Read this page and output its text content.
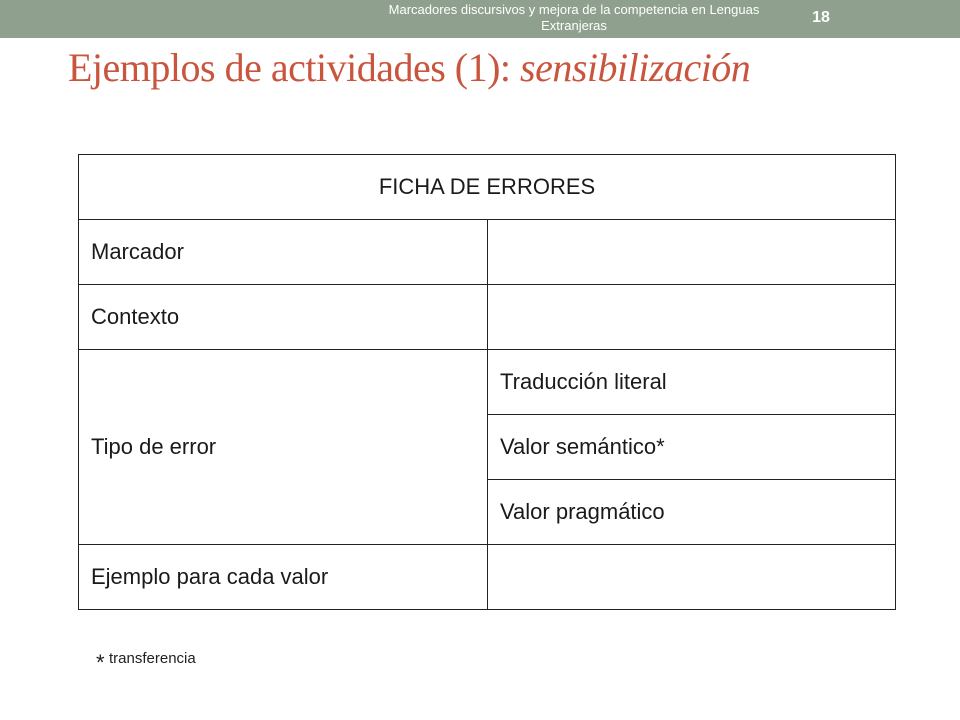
Marcadores discursivos y mejora de la competencia en Lenguas Extranjeras	18
Ejemplos de actividades (1): sensibilización
FICHA DE ERRORES	
Marcador	
Contexto	
Tipo de error	Traducción literal
	Valor semántico*
	Valor pragmático
Ejemplo para cada valor	
* transferencia
